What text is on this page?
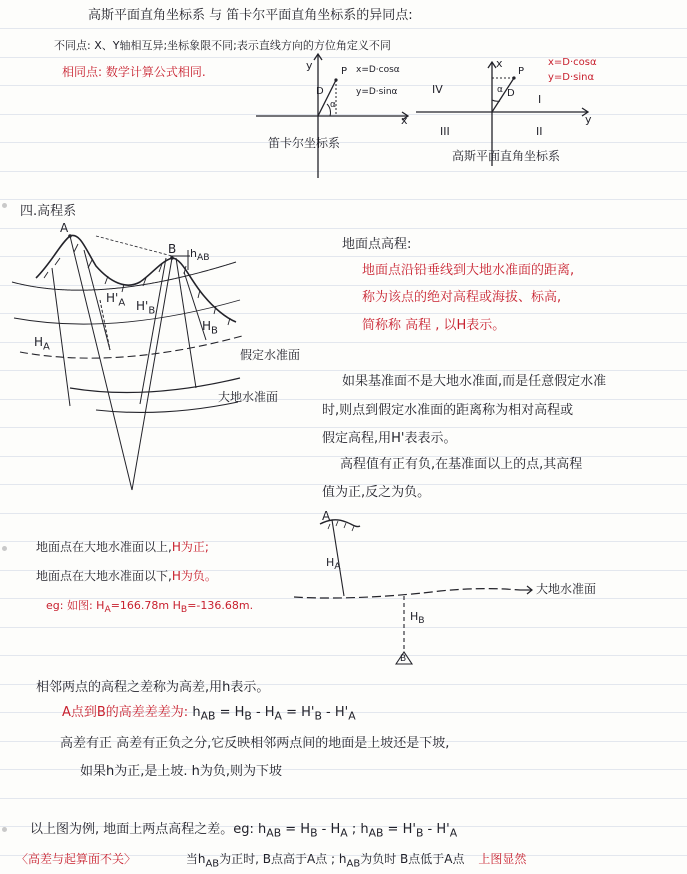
高斯平面直角坐标系 与 笛卡尔平面直角坐标系的异同点:
不同点: X、Y轴相互异;坐标象限不同;表示直线方向的方位角定义不同
相同点: 数学计算公式相同.
x
y	P
D
α
x=D·cosα
y=D·sinα
笛卡尔坐标系
x
y
P
D
α
x=D·cosα
y=D·sinα
I
II
III
IV
高斯平面直角坐标系
四.高程系
A
B $h_{AB}$
$H_A$
$H'_A$ $H'_B$
$H_B$
假定水准面
大地水准面
地面点高程:
地面点沿铅垂线到大地水准面的距离,
称为该点的绝对高程或海拔、标高,
简称称 高程 , 以H表示。
如果基准面不是大地水准面,而是任意假定水准
时,则点到假定水准面的距离称为相对高程或
假定高程,用H'表表示。
高程值有正有负,在基准面以上的点,其高程
值为正,反之为负。
地面点在大地水准面以上,H为正;
地面点在大地水准面以下,H为负。
eg: 如图: $H_A=166.78m$ $H_B=-136.68m$.
A
B
$H_A$
$H_B$
大地水准面
相邻两点的高程之差称为高差,用h表示。
A点到B的高差差差为: $h_{AB} = H_B - H_A = H'_B - H'_A$
高差有正 高差有正负之分,它反映相邻两点间的地面是上坡还是下坡,
如果h为正,是上坡. h为负,则为下坡
以上图为例, 地面上两点高程之差。eg: $h_{AB} = H_B - H_A$ ; $h_{AB} = H'_B - H'_A$
〈高差与起算面不关〉	当$h_{AB}$为正时, B点高于A点 ; $h_{AB}$为负时 B点低于A点 上图显然
